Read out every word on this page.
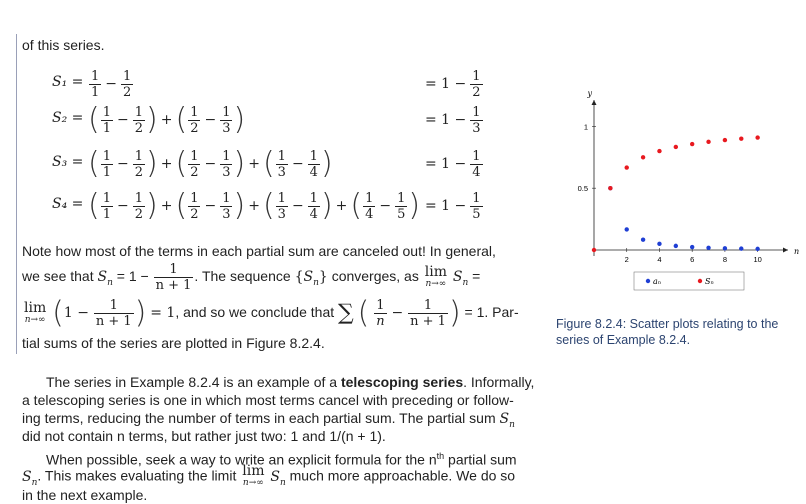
of this series.
$S_1 = \frac{1}{1} - \frac{1}{2}$	= $1 - \frac{1}{2}$
S₂ = ( $\frac{1}{1} - \frac{1}{2}$ ) + ( $\frac{1}{2} - \frac{1}{3}$ )	= $1 - \frac{1}{3}$
S₃ = ( $\frac{1}{1} - \frac{1}{2}$ ) + ( $\frac{1}{2} - \frac{1}{3}$ ) + ( $\frac{1}{3} - \frac{1}{4}$ )	= $1 - \frac{1}{4}$
S₄ = ( $\frac{1}{1} - \frac{1}{2}$ ) + ( $\frac{1}{2} - \frac{1}{3}$ ) + ( $\frac{1}{3} - \frac{1}{4}$ ) + ( $\frac{1}{4} - \frac{1}{5}$ ) = $1 - \frac{1}{5}$
Note how most of the terms in each partial sum are canceled out! In general,
we see that $S_n = 1 - \frac{1}{n + 1}$ . The sequence $\{S_n\}$ converges, as lim
n→∞ $S_n$ =
lim
n→∞ ($1 - \frac{1}{n + 1}$ ) = 1, and so we conclude that ∑ ( $\frac{1}{n} - \frac{1}{n + 1}$ ) = 1. Par-
tial sums of the series are plotted in Figure 8.2.4.
The series in Example 8.2.4 is an example of a telescoping series. Informally,
a telescoping series is one in which most terms cancel with preceding or follow-
ing terms, reducing the number of terms in each partial sum. The partial sum $S_n$
did not contain n terms, but rather just two: 1 and 1/(n + 1).
When possible, seek a way to write an explicit formula for the $n^{th}$ partial sum
$S_n$. This makes evaluating the limit lim
n→∞ $S_n$ much more approachable. We do so
in the next example.
n
y
2	4	6	8	10
0.5
1
aₙ	Sₙ
Figure 8.2.4: Scatter plots relating to the series of Example 8.2.4.
